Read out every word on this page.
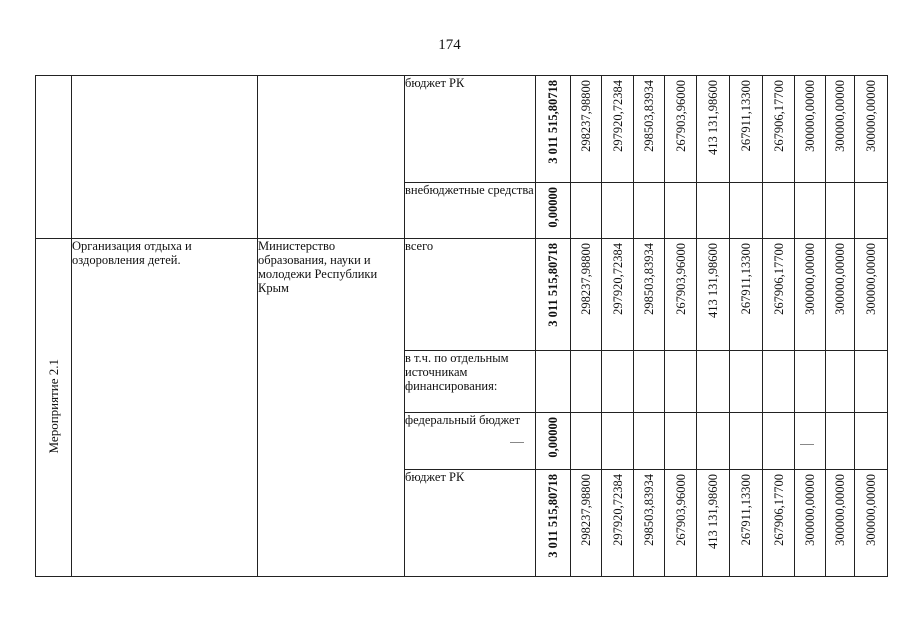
174
			бюджет РК	3 011 515,80718	298237,98800	297920,72384	298503,83934	267903,96000	413 131,98600	267911,13300	267906,17700	300000,00000	300000,00000	300000,00000

			внебюджетные средства	0,00000										

Мероприятие 2.1	Организация отдыха и оздоровления детей.	Министерство образования, науки и молодежи Республики Крым	всего	3 011 515,80718	298237,98800	297920,72384	298503,83934	267903,96000	413 131,98600	267911,13300	267906,17700	300000,00000	300000,00000	300000,00000

			в т.ч. по отдельным источникам финансирования:											
			федеральный бюджет	0,00000										

			бюджет РК	3 011 515,80718	298237,98800	297920,72384	298503,83934	267903,96000	413 131,98600	267911,13300	267906,17700	300000,00000	300000,00000	300000,00000
